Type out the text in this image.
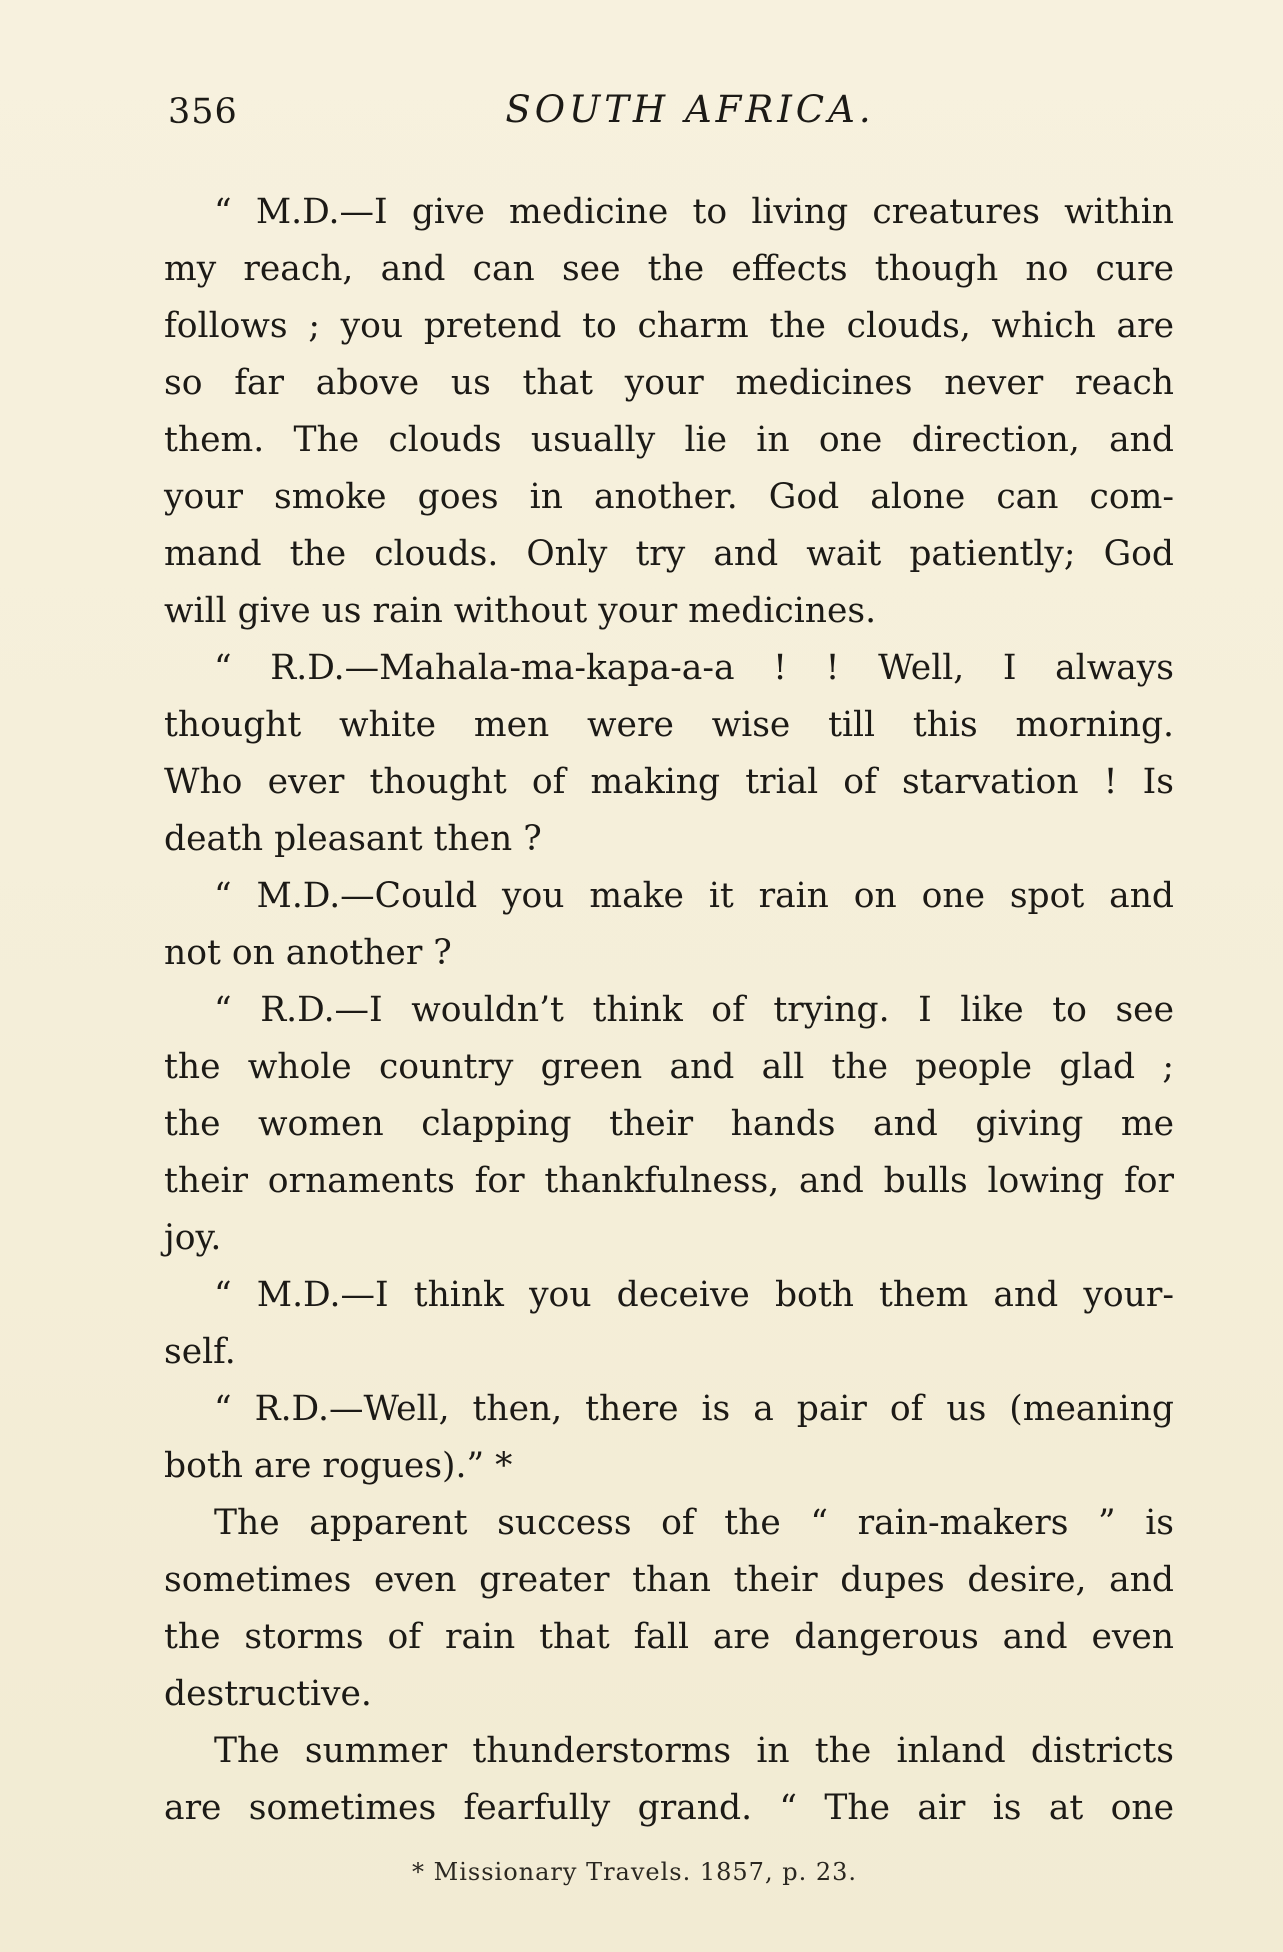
356	SOUTH AFRICA.
“ M.D.—I give medicine to living creatures within
my reach, and can see the effects though no cure
follows ; you pretend to charm the clouds, which are
so far above us that your medicines never reach
them. The clouds usually lie in one direction, and
your smoke goes in another. God alone can com-
mand the clouds. Only try and wait patiently; God
will give us rain without your medicines.
“ R.D.—Mahala-ma-kapa-a-a ! ! Well, I always
thought white men were wise till this morning.
Who ever thought of making trial of starvation ! Is
death pleasant then ?
“ M.D.—Could you make it rain on one spot and
not on another ?
“ R.D.—I wouldn’t think of trying. I like to see
the whole country green and all the people glad ;
the women clapping their hands and giving me
their ornaments for thankfulness, and bulls lowing for
joy.
“ M.D.—I think you deceive both them and your-
self.
“ R.D.—Well, then, there is a pair of us (meaning
both are rogues).” *
The apparent success of the “ rain-makers ” is
sometimes even greater than their dupes desire, and
the storms of rain that fall are dangerous and even
destructive.
The summer thunderstorms in the inland districts
are sometimes fearfully grand. “ The air is at one
* Missionary Travels. 1857, p. 23.
